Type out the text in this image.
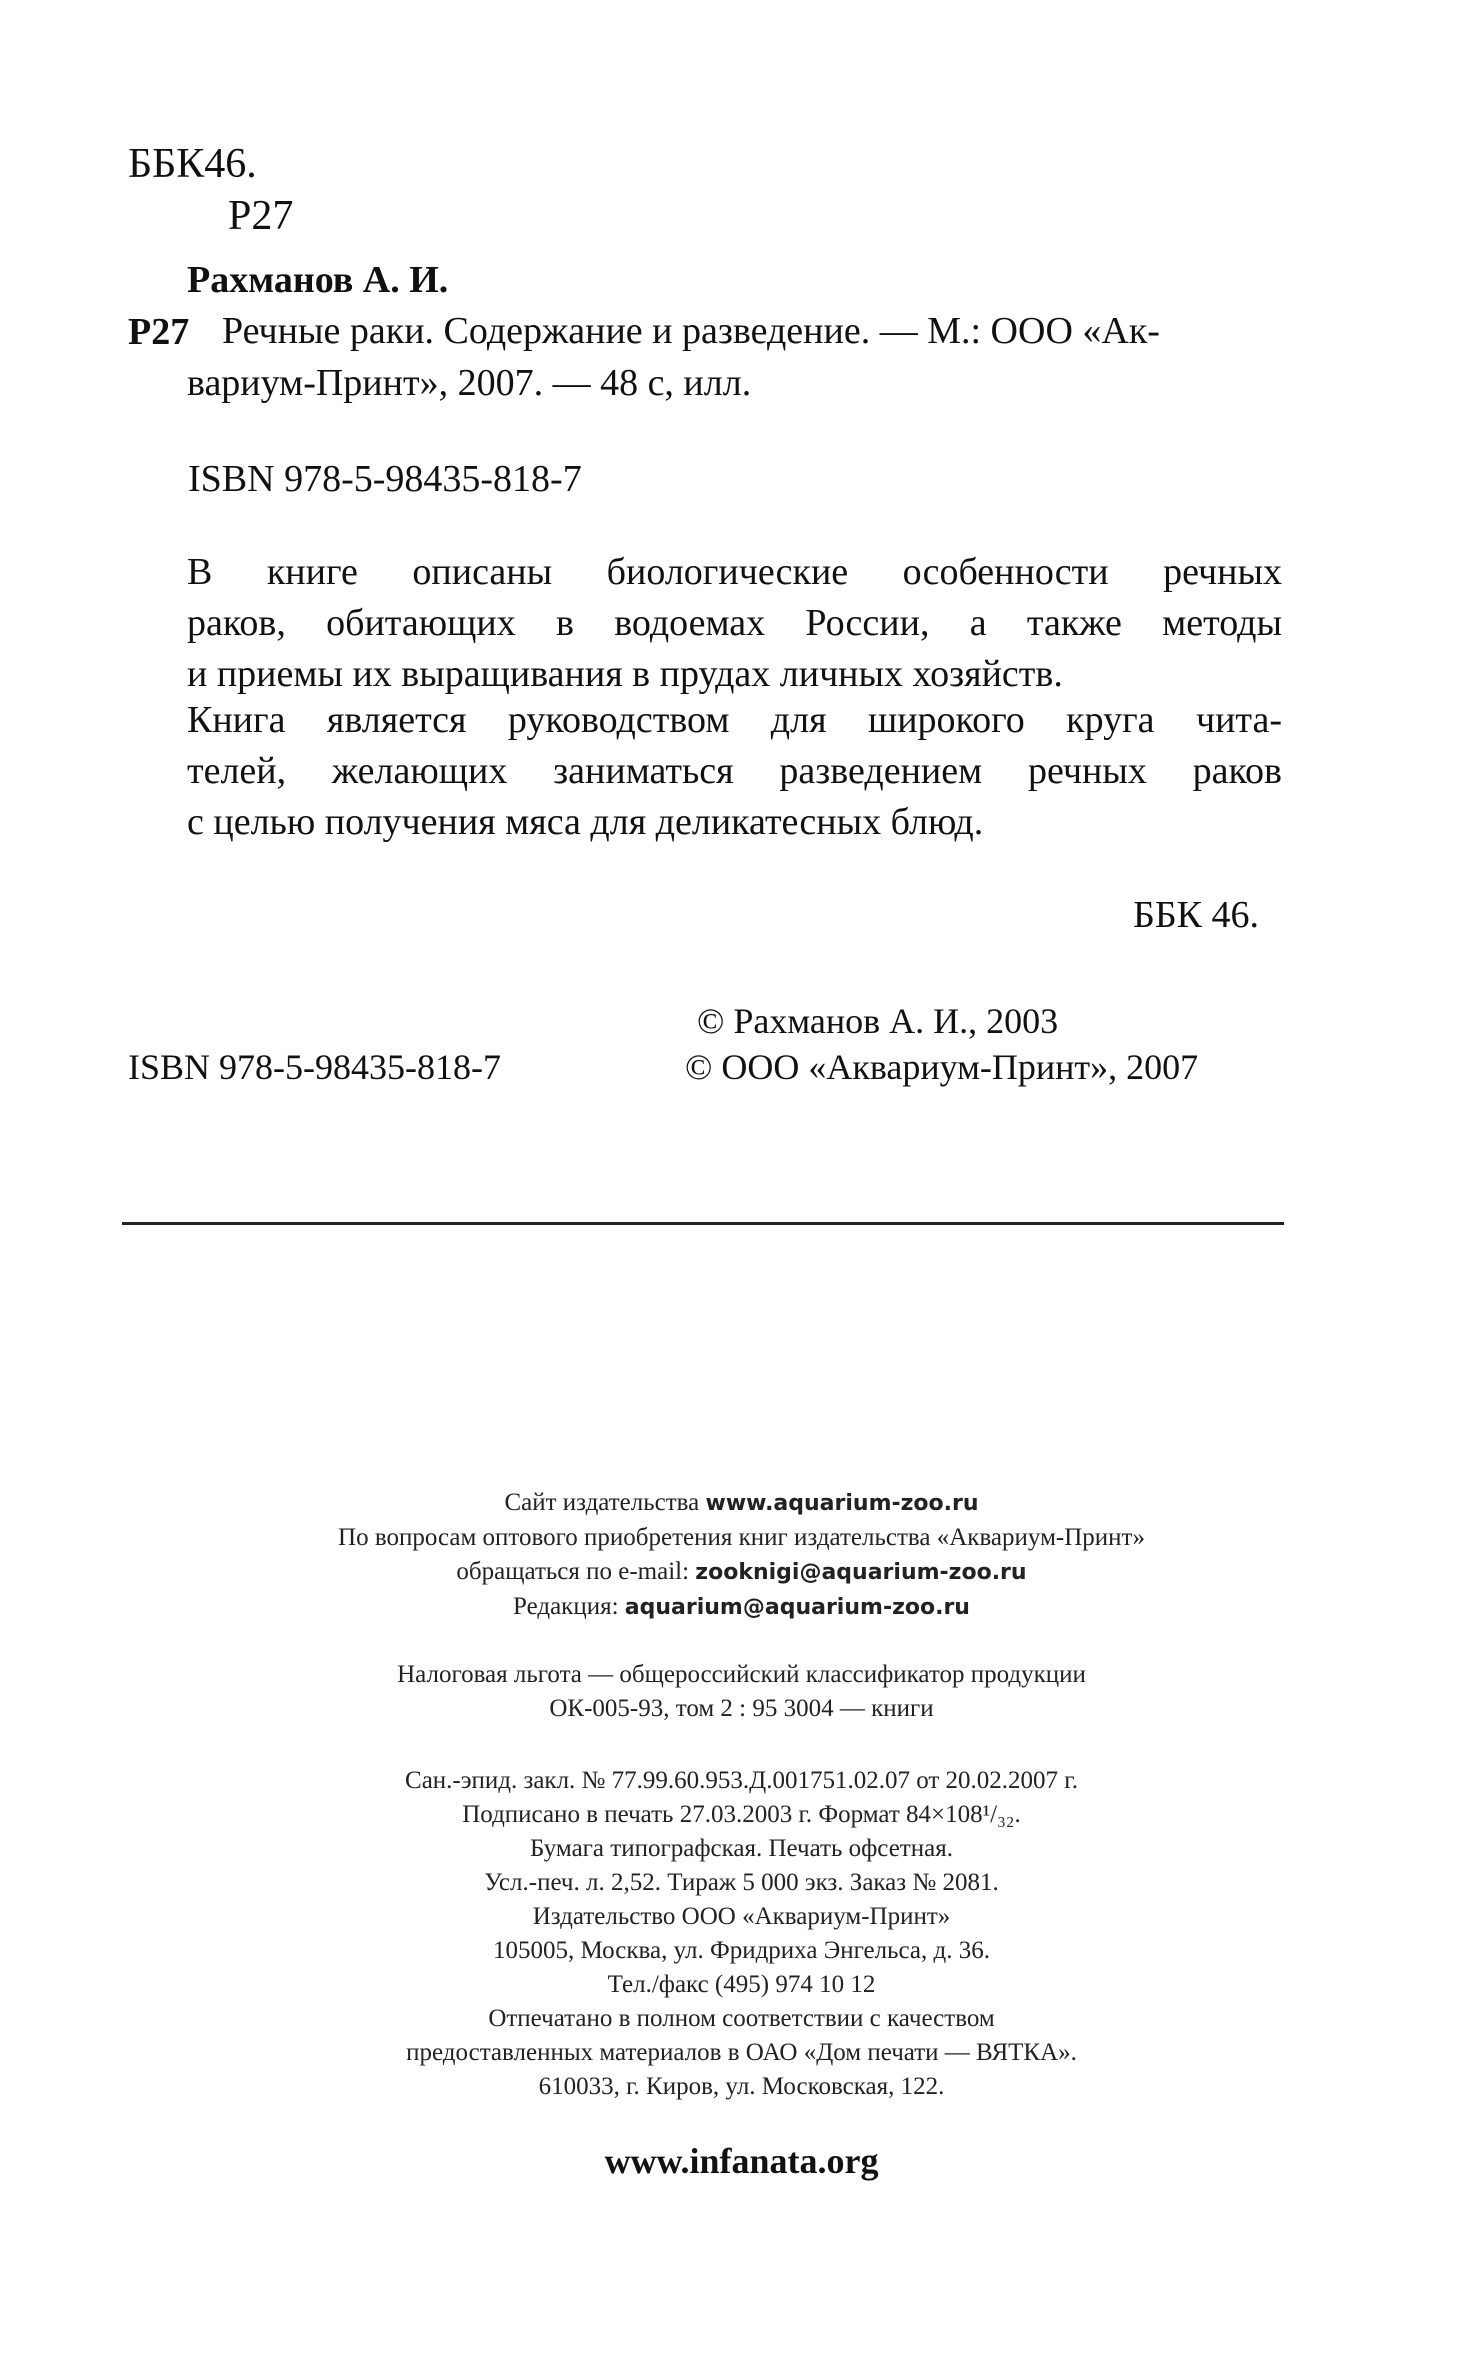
ББК46.
Р27
Рахманов А. И.
Р27 Речные раки. Содержание и разведение. — М.: ООО «Ак-
вариум-Принт», 2007. — 48 с, илл.
ISBN 978-5-98435-818-7
В книге описаны биологические особенности речных
раков, обитающих в водоемах России, а также методы
и приемы их выращивания в прудах личных хозяйств.
Книга является руководством для широкого круга чита-
телей, желающих заниматься разведением речных раков
с целью получения мяса для деликатесных блюд.
ББК 46.
© Рахманов А. И., 2003
ISBN 978-5-98435-818-7	© ООО «Аквариум-Принт», 2007
Сайт издательства www.aquarium-zoo.ru
По вопросам оптового приобретения книг издательства «Аквариум-Принт»
обращаться по e-mail: zooknigi@aquarium-zoo.ru
Редакция: aquarium@aquarium-zoo.ru
Налоговая льгота — общероссийский классификатор продукции
ОК-005-93, том 2 : 95 3004 — книги
Сан.-эпид. закл. № 77.99.60.953.Д.001751.02.07 от 20.02.2007 г.
Подписано в печать 27.03.2003 г. Формат 84×108¹/₃₂.
Бумага типографская. Печать офсетная.
Усл.-печ. л. 2,52. Тираж 5 000 экз. Заказ № 2081.
Издательство ООО «Аквариум-Принт»
105005, Москва, ул. Фридриха Энгельса, д. 36.
Тел./факс (495) 974 10 12
Отпечатано в полном соответствии с качеством
предоставленных материалов в ОАО «Дом печати — ВЯТКА».
610033, г. Киров, ул. Московская, 122.
www.infanata.org
